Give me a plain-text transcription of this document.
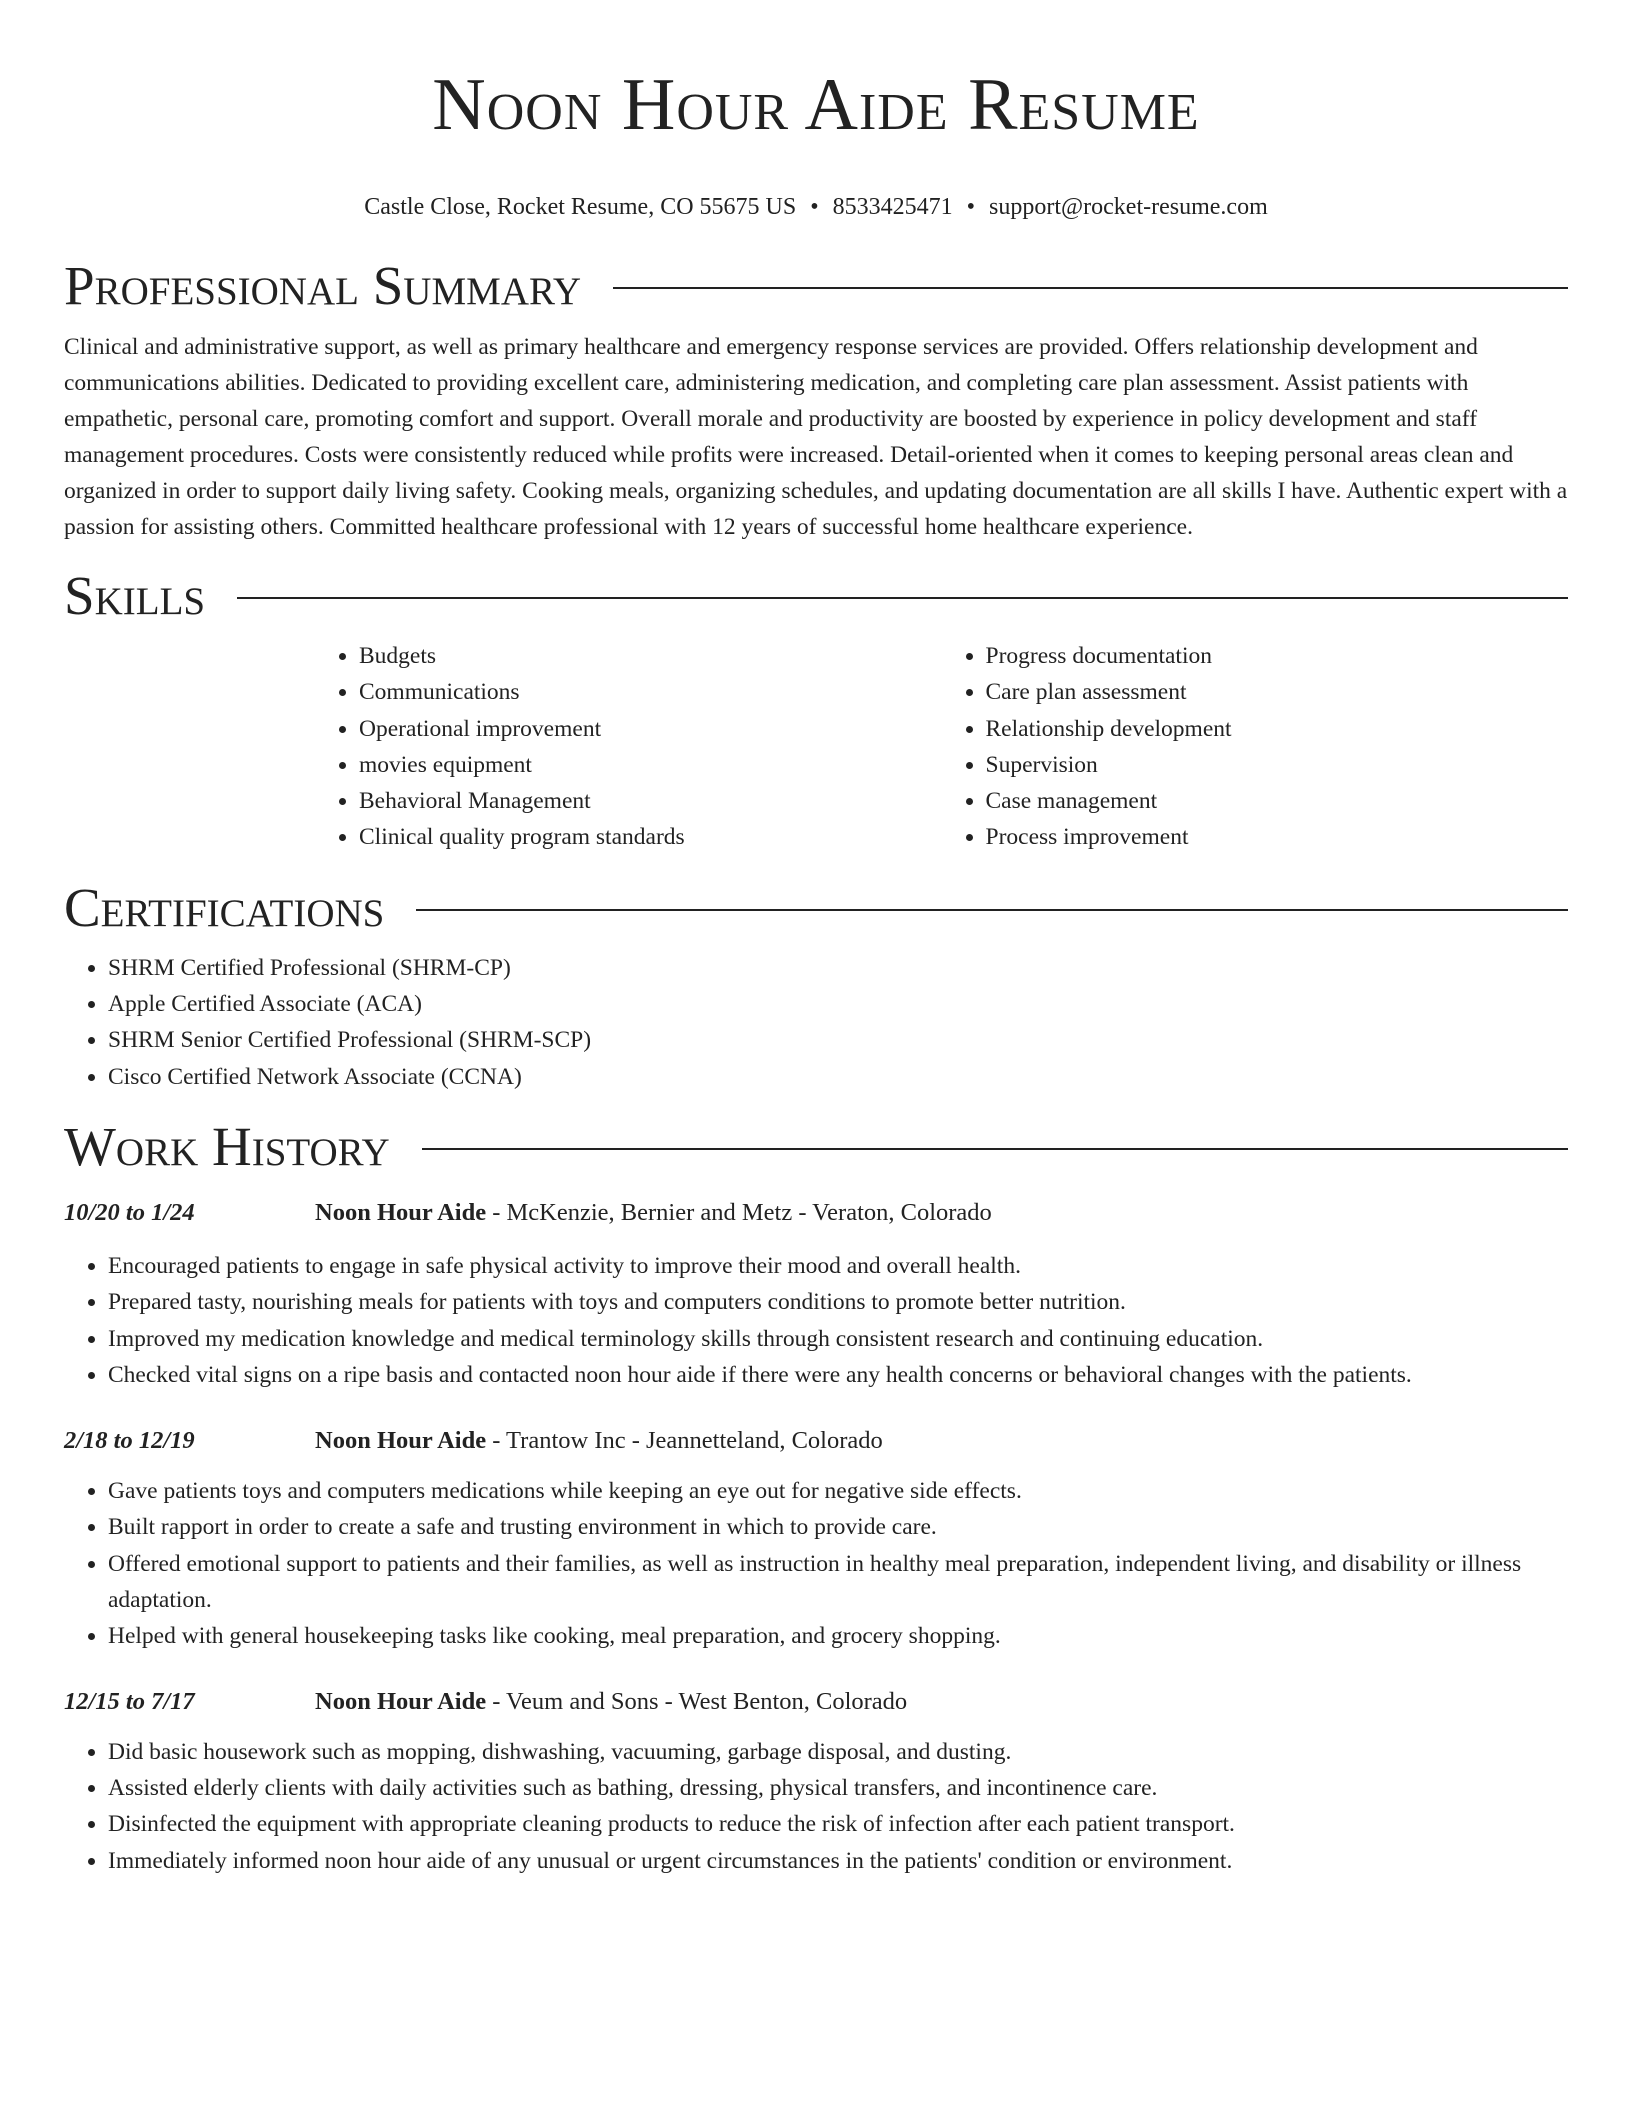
Noon Hour Aide Resume
Castle Close, Rocket Resume, CO 55675 US • 8533425471 • support@rocket-resume.com
Professional Summary

Clinical and administrative support, as well as primary healthcare and emergency response services are provided. Offers relationship development and communications abilities. Dedicated to providing excellent care, administering medication, and completing care plan assessment. Assist patients with empathetic, personal care, promoting comfort and support. Overall morale and productivity are boosted by experience in policy development and staff management procedures. Costs were consistently reduced while profits were increased. Detail-oriented when it comes to keeping personal areas clean and organized in order to support daily living safety. Cooking meals, organizing schedules, and updating documentation are all skills I have. Authentic expert with a passion for assisting others. Committed healthcare professional with 12 years of successful home healthcare experience.

Skills
• Budgets
• Communications
• Operational improvement
• movies equipment
• Behavioral Management
• Clinical quality program standards
• Progress documentation
• Care plan assessment
• Relationship development
• Supervision
• Case management
• Process improvement
Certifications
• SHRM Certified Professional (SHRM-CP)
• Apple Certified Associate (ACA)
• SHRM Senior Certified Professional (SHRM-SCP)
• Cisco Certified Network Associate (CCNA)
Work History
10/20 to 1/24	Noon Hour Aide - McKenzie, Bernier and Metz - Veraton, Colorado
• Encouraged patients to engage in safe physical activity to improve their mood and overall health.
• Prepared tasty, nourishing meals for patients with toys and computers conditions to promote better nutrition.
• Improved my medication knowledge and medical terminology skills through consistent research and continuing education.
• Checked vital signs on a ripe basis and contacted noon hour aide if there were any health concerns or behavioral changes with the patients.
2/18 to 12/19	Noon Hour Aide - Trantow Inc - Jeannetteland, Colorado
• Gave patients toys and computers medications while keeping an eye out for negative side effects.
• Built rapport in order to create a safe and trusting environment in which to provide care.
• Offered emotional support to patients and their families, as well as instruction in healthy meal preparation, independent living, and disability or illness adaptation.
• Helped with general housekeeping tasks like cooking, meal preparation, and grocery shopping.
12/15 to 7/17	Noon Hour Aide - Veum and Sons - West Benton, Colorado
• Did basic housework such as mopping, dishwashing, vacuuming, garbage disposal, and dusting.
• Assisted elderly clients with daily activities such as bathing, dressing, physical transfers, and incontinence care.
• Disinfected the equipment with appropriate cleaning products to reduce the risk of infection after each patient transport.
• Immediately informed noon hour aide of any unusual or urgent circumstances in the patients' condition or environment.
